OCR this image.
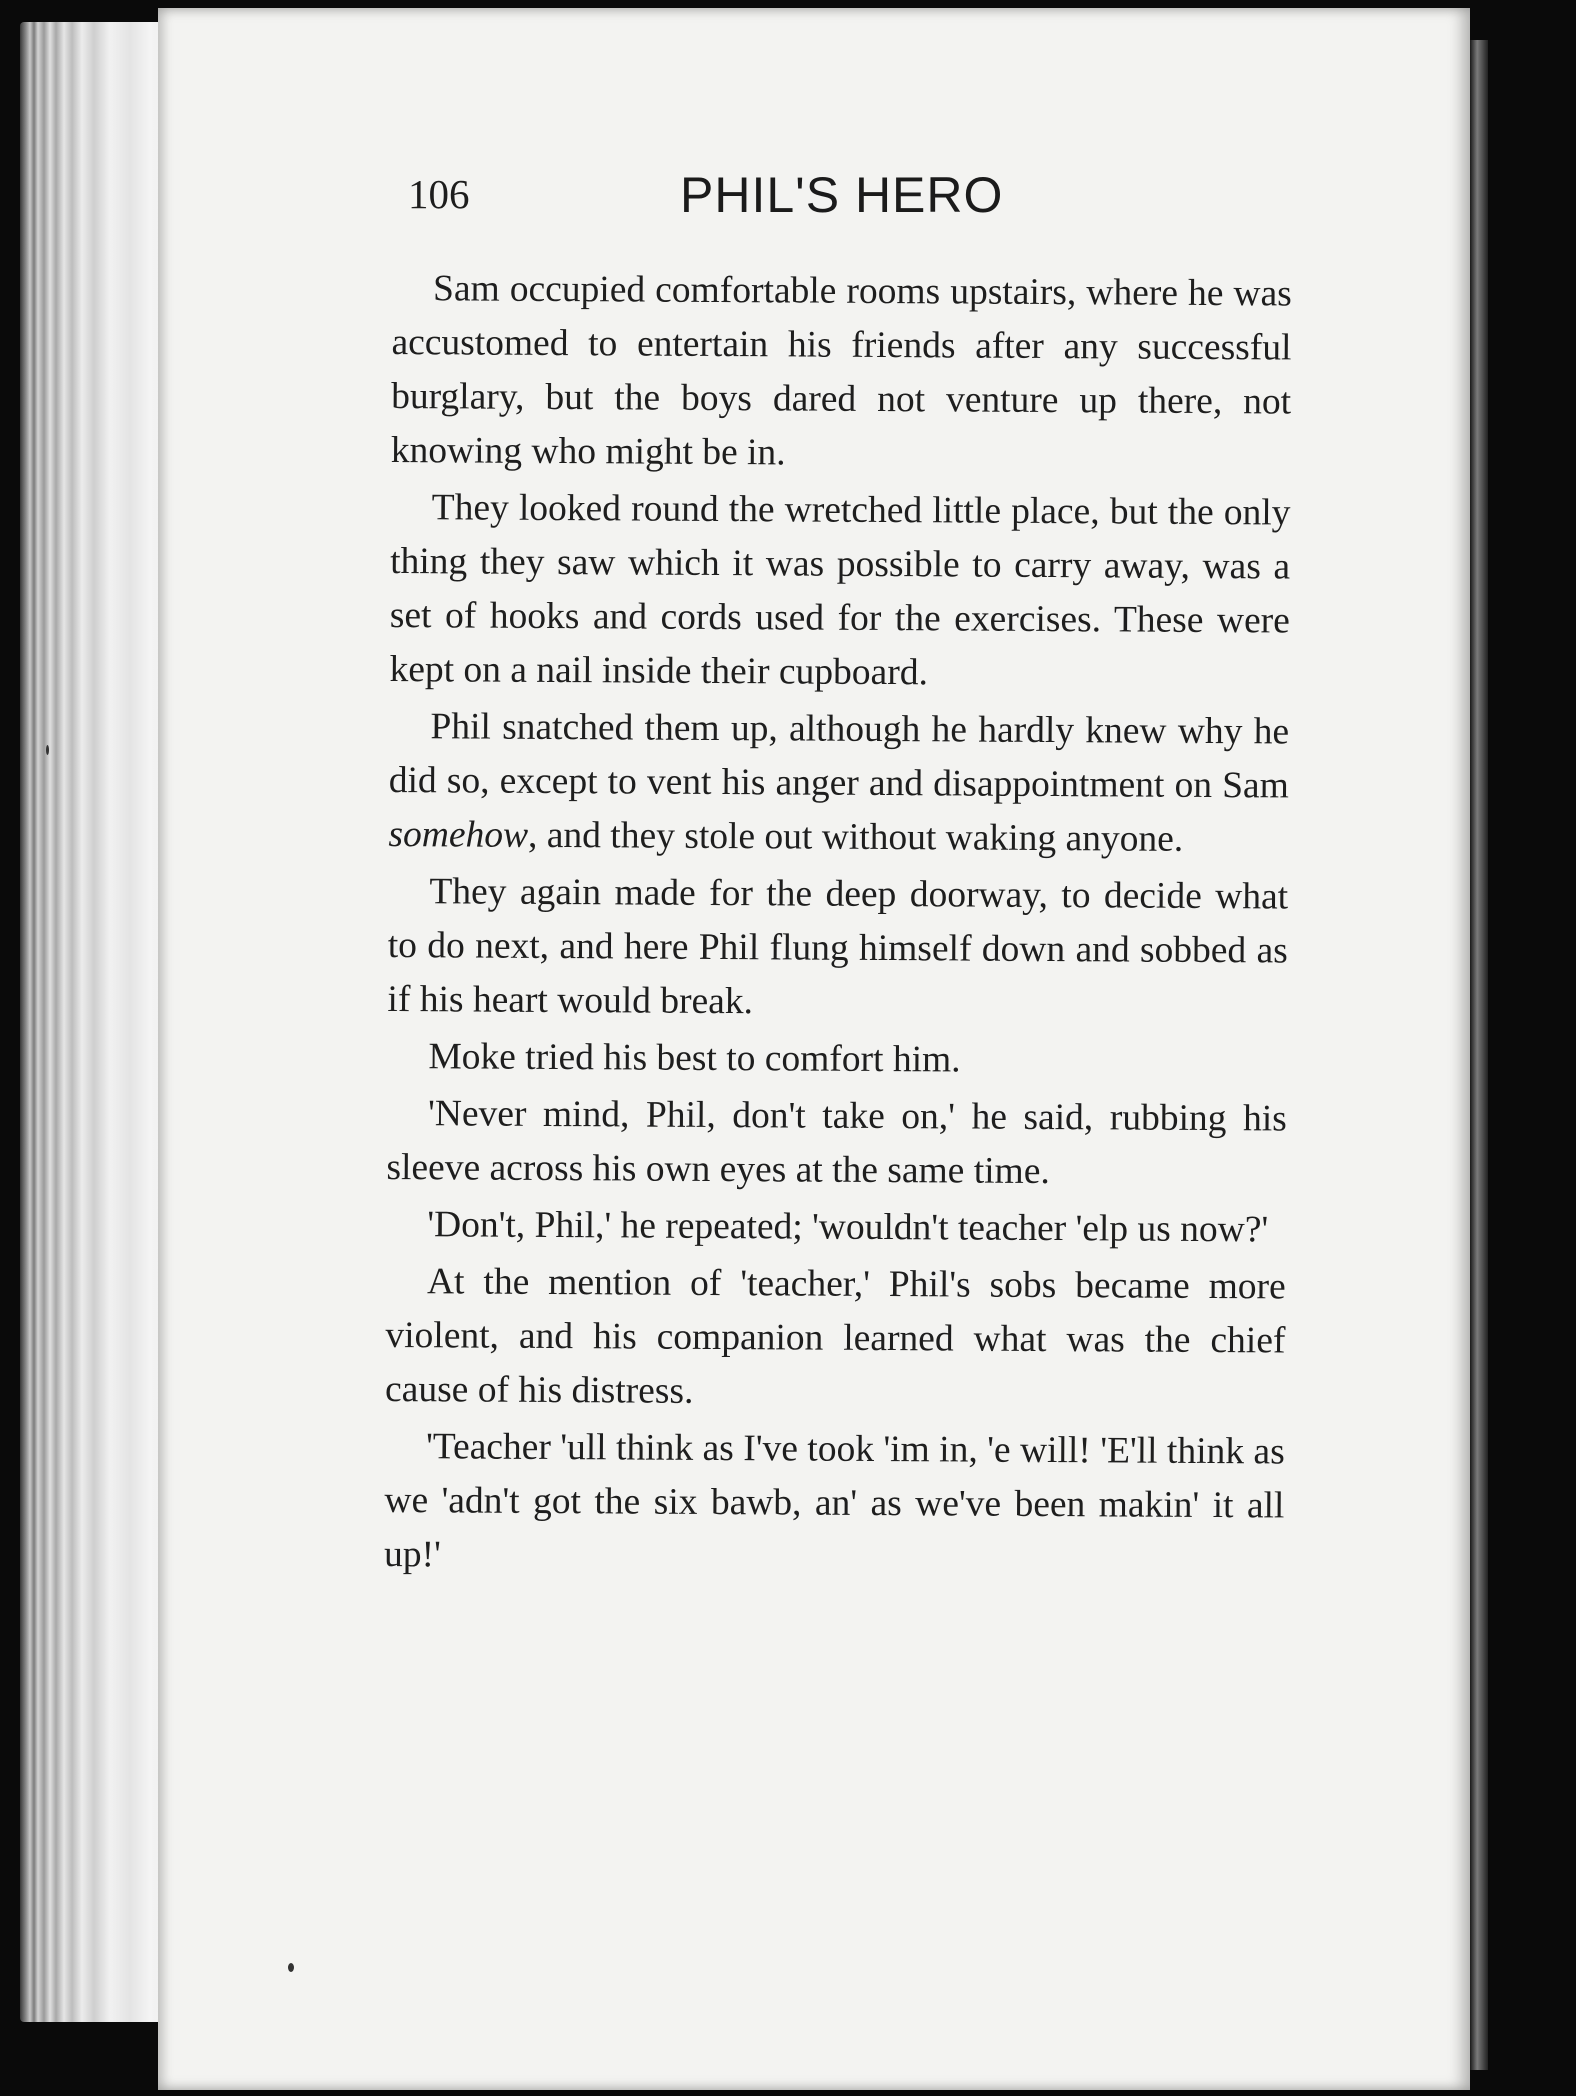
106	PHIL'S HERO

Sam occupied comfortable rooms upstairs, where he was accustomed to entertain his friends after any successful burglary, but the boys dared not venture up there, not knowing who might be in.

They looked round the wretched little place, but the only thing they saw which it was possible to carry away, was a set of hooks and cords used for the exercises. These were kept on a nail inside their cupboard.

Phil snatched them up, although he hardly knew why he did so, except to vent his anger and disappointment on Sam somehow, and they stole out without waking anyone.

They again made for the deep doorway, to decide what to do next, and here Phil flung himself down and sobbed as if his heart would break.

Moke tried his best to comfort him.

'Never mind, Phil, don't take on,' he said, rubbing his sleeve across his own eyes at the same time.

'Don't, Phil,' he repeated; 'wouldn't teacher 'elp us now?'

At the mention of 'teacher,' Phil's sobs became more violent, and his companion learned what was the chief cause of his distress.

'Teacher 'ull think as I've took 'im in, 'e will! 'E'll think as we 'adn't got the six bawb, an' as we've been makin' it all up!'
